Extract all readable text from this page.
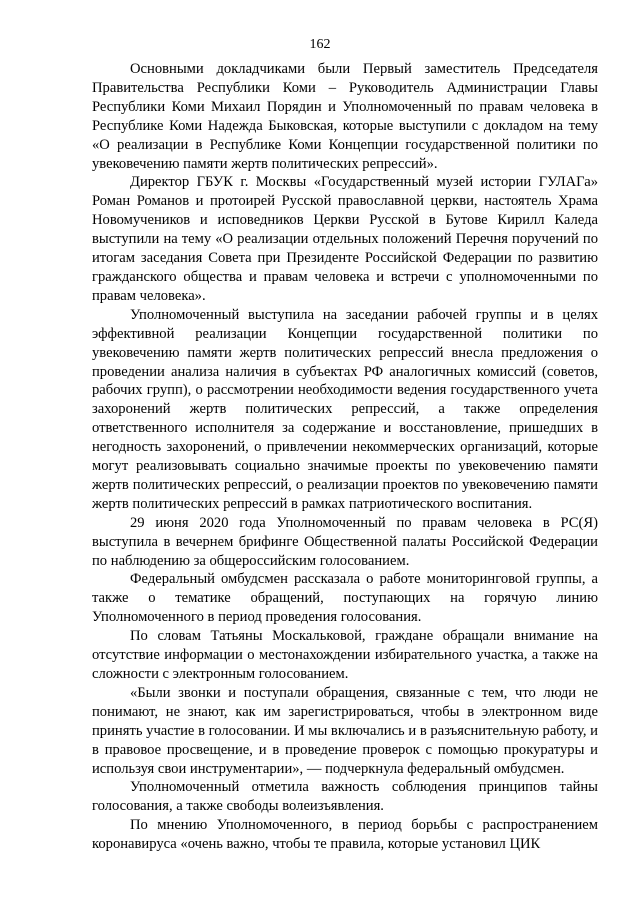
162

Основными докладчиками были Первый заместитель Председателя Правительства Республики Коми – Руководитель Администрации Главы Республики Коми Михаил Порядин и Уполномоченный по правам человека в Республике Коми Надежда Быковская, которые выступили с докладом на тему «О реализации в Республике Коми Концепции государственной политики по увековечению памяти жертв политических репрессий».

Директор ГБУК г. Москвы «Государственный музей истории ГУЛАГа» Роман Романов и протоирей Русской православной церкви, настоятель Храма Новомучеников и исповедников Церкви Русской в Бутове Кирилл Каледа выступили на тему «О реализации отдельных положений Перечня поручений по итогам заседания Совета при Президенте Российской Федерации по развитию гражданского общества и правам человека и встречи с уполномоченными по правам человека».

Уполномоченный выступила на заседании рабочей группы и в целях эффективной реализации Концепции государственной политики по увековечению памяти жертв политических репрессий внесла предложения о проведении анализа наличия в субъектах РФ аналогичных комиссий (советов, рабочих групп), о рассмотрении необходимости ведения государственного учета захоронений жертв политических репрессий, а также определения ответственного исполнителя за содержание и восстановление, пришедших в негодность захоронений, о привлечении некоммерческих организаций, которые могут реализовывать социально значимые проекты по увековечению памяти жертв политических репрессий, о реализации проектов по увековечению памяти жертв политических репрессий в рамках патриотического воспитания.

29 июня 2020 года Уполномоченный по правам человека в РС(Я) выступила в вечернем брифинге Общественной палаты Российской Федерации по наблюдению за общероссийским голосованием.

Федеральный омбудсмен рассказала о работе мониторинговой группы, а также о тематике обращений, поступающих на горячую линию Уполномоченного в период проведения голосования.

По словам Татьяны Москальковой, граждане обращали внимание на отсутствие информации о местонахождении избирательного участка, а также на сложности с электронным голосованием.

«Были звонки и поступали обращения, связанные с тем, что люди не понимают, не знают, как им зарегистрироваться, чтобы в электронном виде принять участие в голосовании. И мы включались и в разъяснительную работу, и в правовое просвещение, и в проведение проверок с помощью прокуратуры и используя свои инструментарии», — подчеркнула федеральный омбудсмен.

Уполномоченный отметила важность соблюдения принципов тайны голосования, а также свободы волеизъявления.

По мнению Уполномоченного, в период борьбы с распространением коронавируса «очень важно, чтобы те правила, которые установил ЦИК
